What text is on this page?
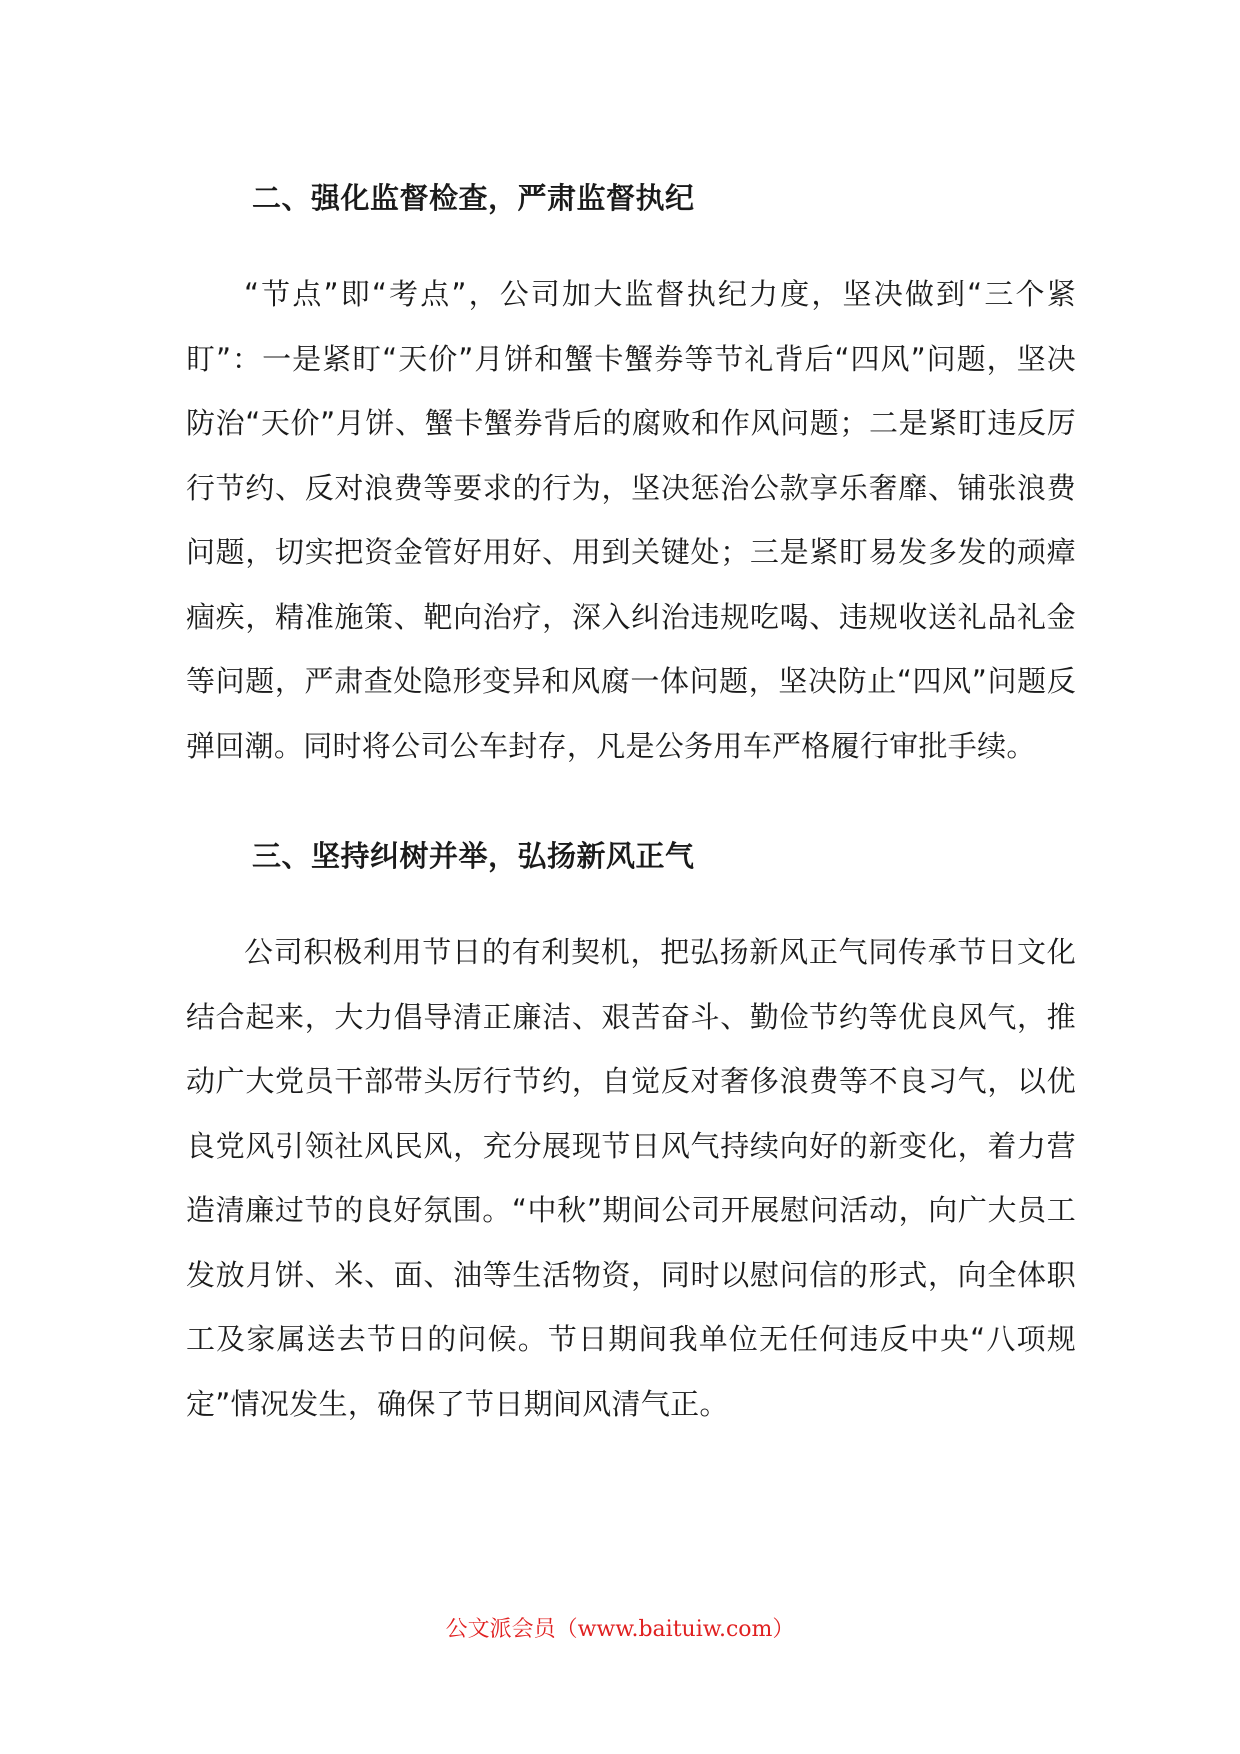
二、强化监督检查，严肃监督执纪

“节点”即“考点”，公司加大监督执纪力度，坚决做到“三个紧盯”：一是紧盯“天价”月饼和蟹卡蟹券等节礼背后“四风”问题，坚决防治“天价”月饼、蟹卡蟹券背后的腐败和作风问题；二是紧盯违反厉行节约、反对浪费等要求的行为，坚决惩治公款享乐奢靡、铺张浪费问题，切实把资金管好用好、用到关键处；三是紧盯易发多发的顽瘴痼疾，精准施策、靶向治疗，深入纠治违规吃喝、违规收送礼品礼金等问题，严肃查处隐形变异和风腐一体问题，坚决防止“四风”问题反弹回潮。同时将公司公车封存，凡是公务用车严格履行审批手续。

三、坚持纠树并举，弘扬新风正气

公司积极利用节日的有利契机，把弘扬新风正气同传承节日文化结合起来，大力倡导清正廉洁、艰苦奋斗、勤俭节约等优良风气，推动广大党员干部带头厉行节约，自觉反对奢侈浪费等不良习气，以优良党风引领社风民风，充分展现节日风气持续向好的新变化，着力营造清廉过节的良好氛围。“中秋”期间公司开展慰问活动，向广大员工发放月饼、米、面、油等生活物资，同时以慰问信的形式，向全体职工及家属送去节日的问候。节日期间我单位无任何违反中央“八项规定”情况发生，确保了节日期间风清气正。

公文派会员（www.baituiw.com）
